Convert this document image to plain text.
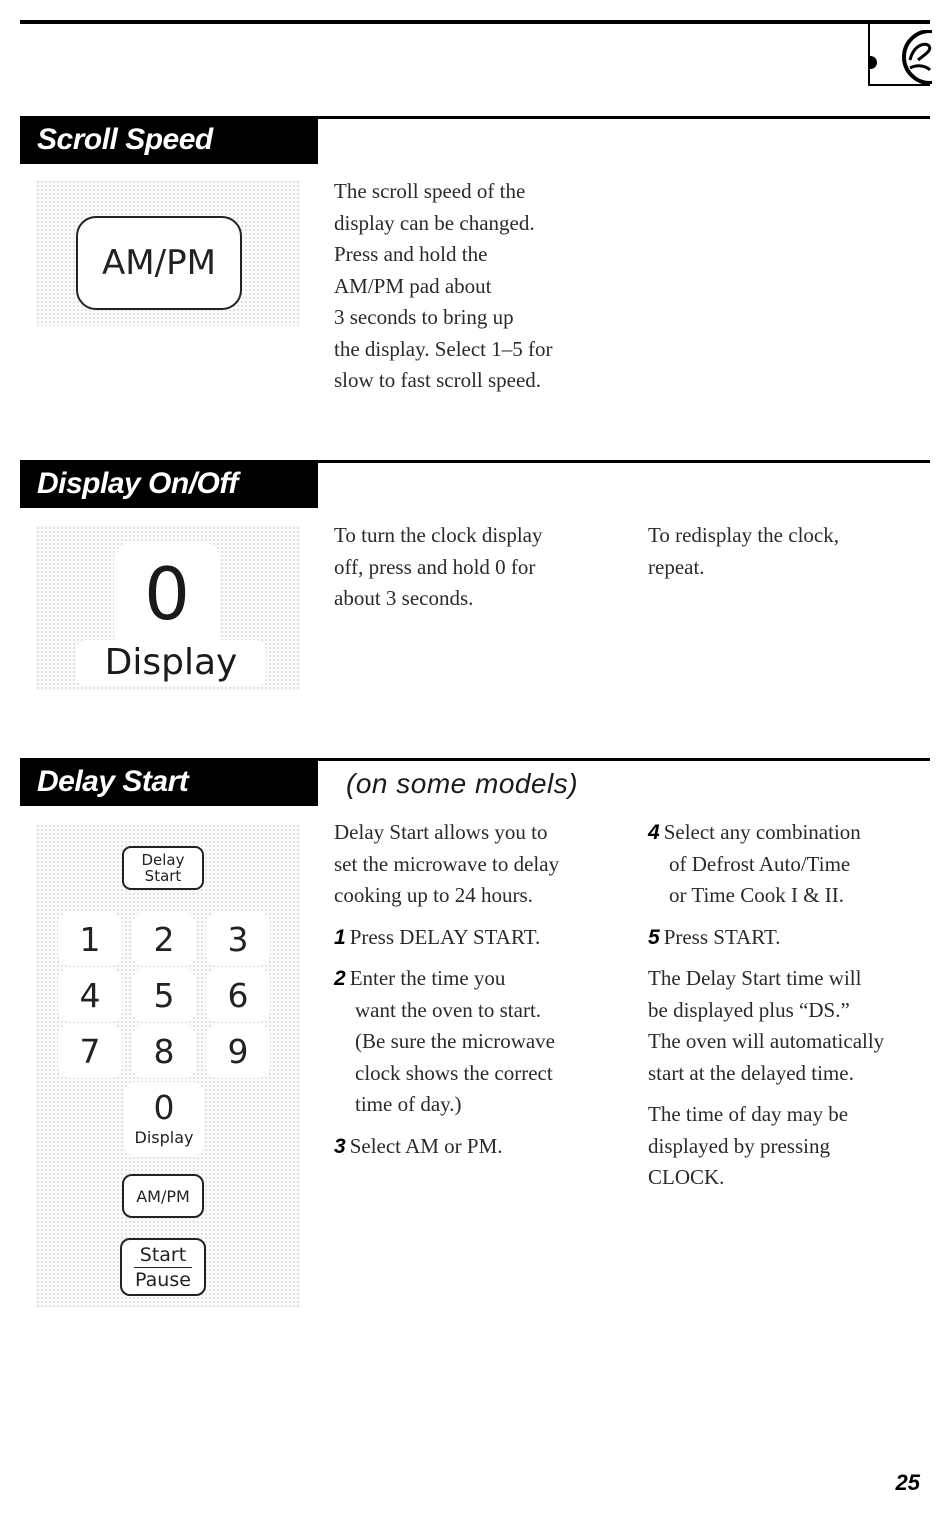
Scroll Speed
AM/PM

The scroll speed of the

display can be changed.

Press and hold the

AM/PM pad about

3 seconds to bring up

the display. Select 1–5 for

slow to fast scroll speed.

Display On/Off
0
Display

To turn the clock display

off, press and hold 0 for

about 3 seconds.

To redisplay the clock,

repeat.

Delay Start	(on some models)
Delay
Start
1	2	3
4	5	6
7	8	9
0
Display
AM/PM
Start
Pause

Delay Start allows you to

set the microwave to delay

cooking up to 24 hours.

1 Press DELAY START.
2 Enter the time you
want the oven to start.
(Be sure the microwave
clock shows the correct
time of day.)
3 Select AM or PM.
4 Select any combination
of Defrost Auto/Time
or Time Cook I & II.
5 Press START.

The Delay Start time will

be displayed plus “DS.”

The oven will automatically

start at the delayed time.

The time of day may be

displayed by pressing

CLOCK.

25
